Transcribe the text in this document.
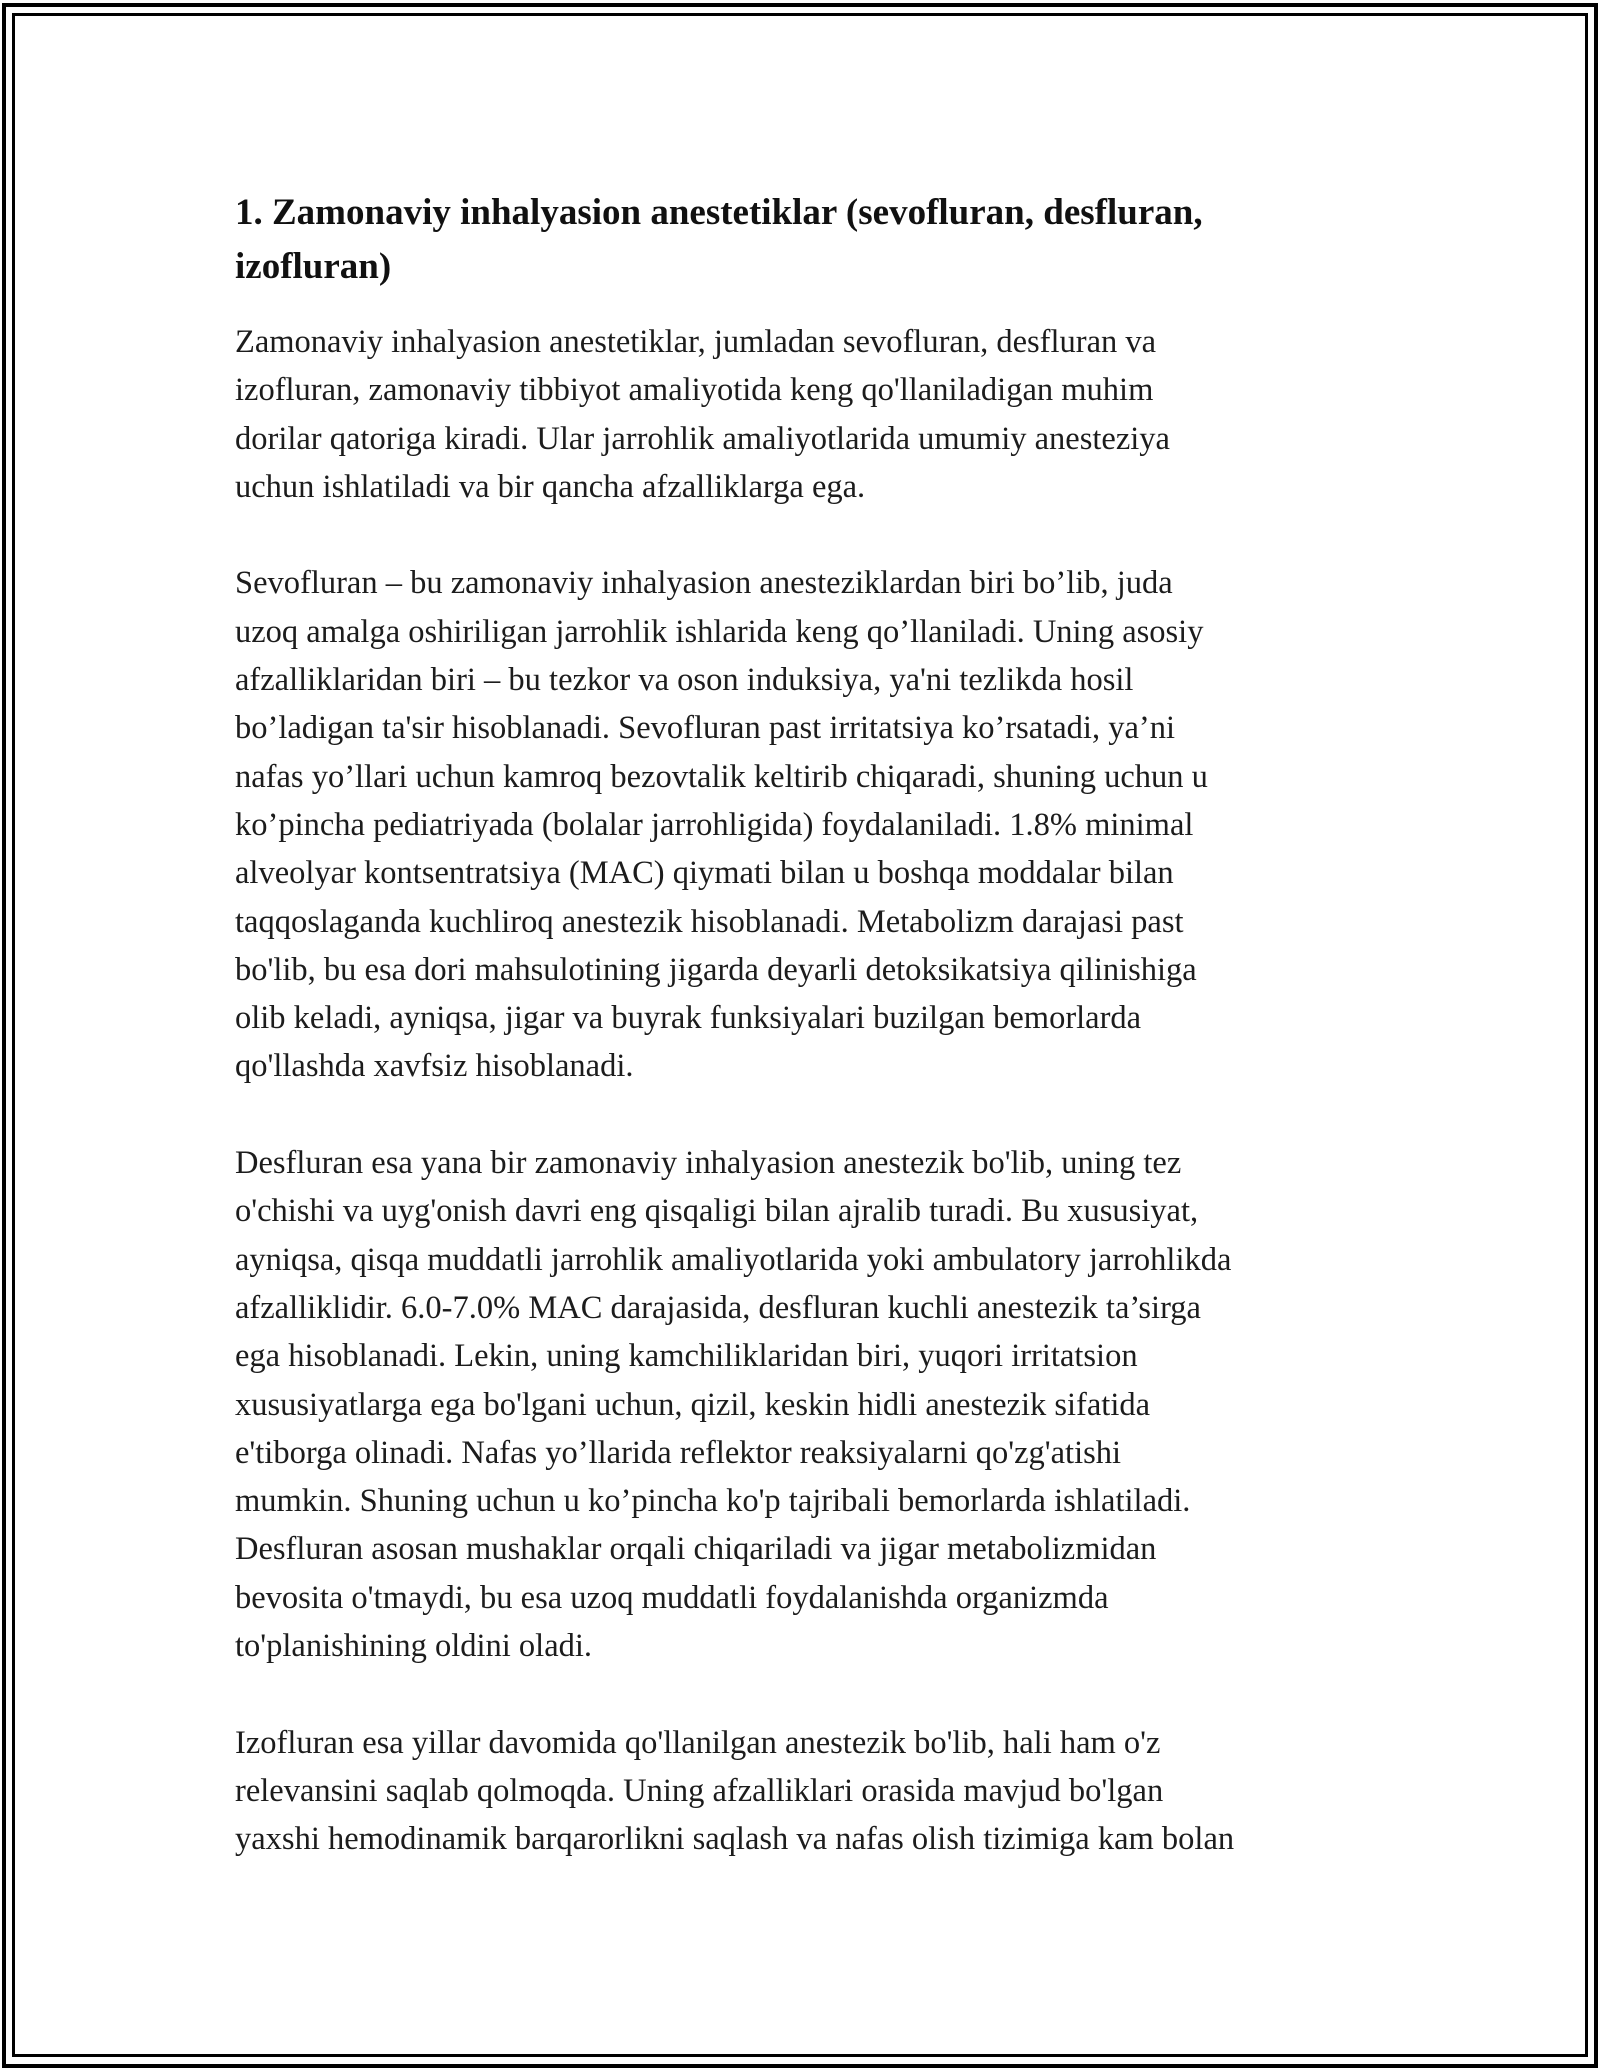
1. Zamonaviy inhalyasion anestetiklar (sevofluran, desfluran,
izofluran)

Zamonaviy inhalyasion anestetiklar, jumladan sevofluran, desfluran va
izofluran, zamonaviy tibbiyot amaliyotida keng qo'llaniladigan muhim
dorilar qatoriga kiradi. Ular jarrohlik amaliyotlarida umumiy anesteziya
uchun ishlatiladi va bir qancha afzalliklarga ega.

Sevofluran – bu zamonaviy inhalyasion anesteziklardan biri bo’lib, juda
uzoq amalga oshiriligan jarrohlik ishlarida keng qo’llaniladi. Uning asosiy
afzalliklaridan biri – bu tezkor va oson induksiya, ya'ni tezlikda hosil
bo’ladigan ta'sir hisoblanadi. Sevofluran past irritatsiya ko’rsatadi, ya’ni
nafas yo’llari uchun kamroq bezovtalik keltirib chiqaradi, shuning uchun u
ko’pincha pediatriyada (bolalar jarrohligida) foydalaniladi. 1.8% minimal
alveolyar kontsentratsiya (MAC) qiymati bilan u boshqa moddalar bilan
taqqoslaganda kuchliroq anestezik hisoblanadi. Metabolizm darajasi past
bo'lib, bu esa dori mahsulotining jigarda deyarli detoksikatsiya qilinishiga
olib keladi, ayniqsa, jigar va buyrak funksiyalari buzilgan bemorlarda
qo'llashda xavfsiz hisoblanadi.

Desfluran esa yana bir zamonaviy inhalyasion anestezik bo'lib, uning tez
o'chishi va uyg'onish davri eng qisqaligi bilan ajralib turadi. Bu xususiyat,
ayniqsa, qisqa muddatli jarrohlik amaliyotlarida yoki ambulatory jarrohlikda
afzalliklidir. 6.0-7.0% MAC darajasida, desfluran kuchli anestezik ta’sirga
ega hisoblanadi. Lekin, uning kamchiliklaridan biri, yuqori irritatsion
xususiyatlarga ega bo'lgani uchun, qizil, keskin hidli anestezik sifatida
e'tiborga olinadi. Nafas yo’llarida reflektor reaksiyalarni qo'zg'atishi
mumkin. Shuning uchun u ko’pincha ko'p tajribali bemorlarda ishlatiladi.
Desfluran asosan mushaklar orqali chiqariladi va jigar metabolizmidan
bevosita o'tmaydi, bu esa uzoq muddatli foydalanishda organizmda
to'planishining oldini oladi.

Izofluran esa yillar davomida qo'llanilgan anestezik bo'lib, hali ham o'z
relevansini saqlab qolmoqda. Uning afzalliklari orasida mavjud bo'lgan
yaxshi hemodinamik barqarorlikni saqlash va nafas olish tizimiga kam bolan
